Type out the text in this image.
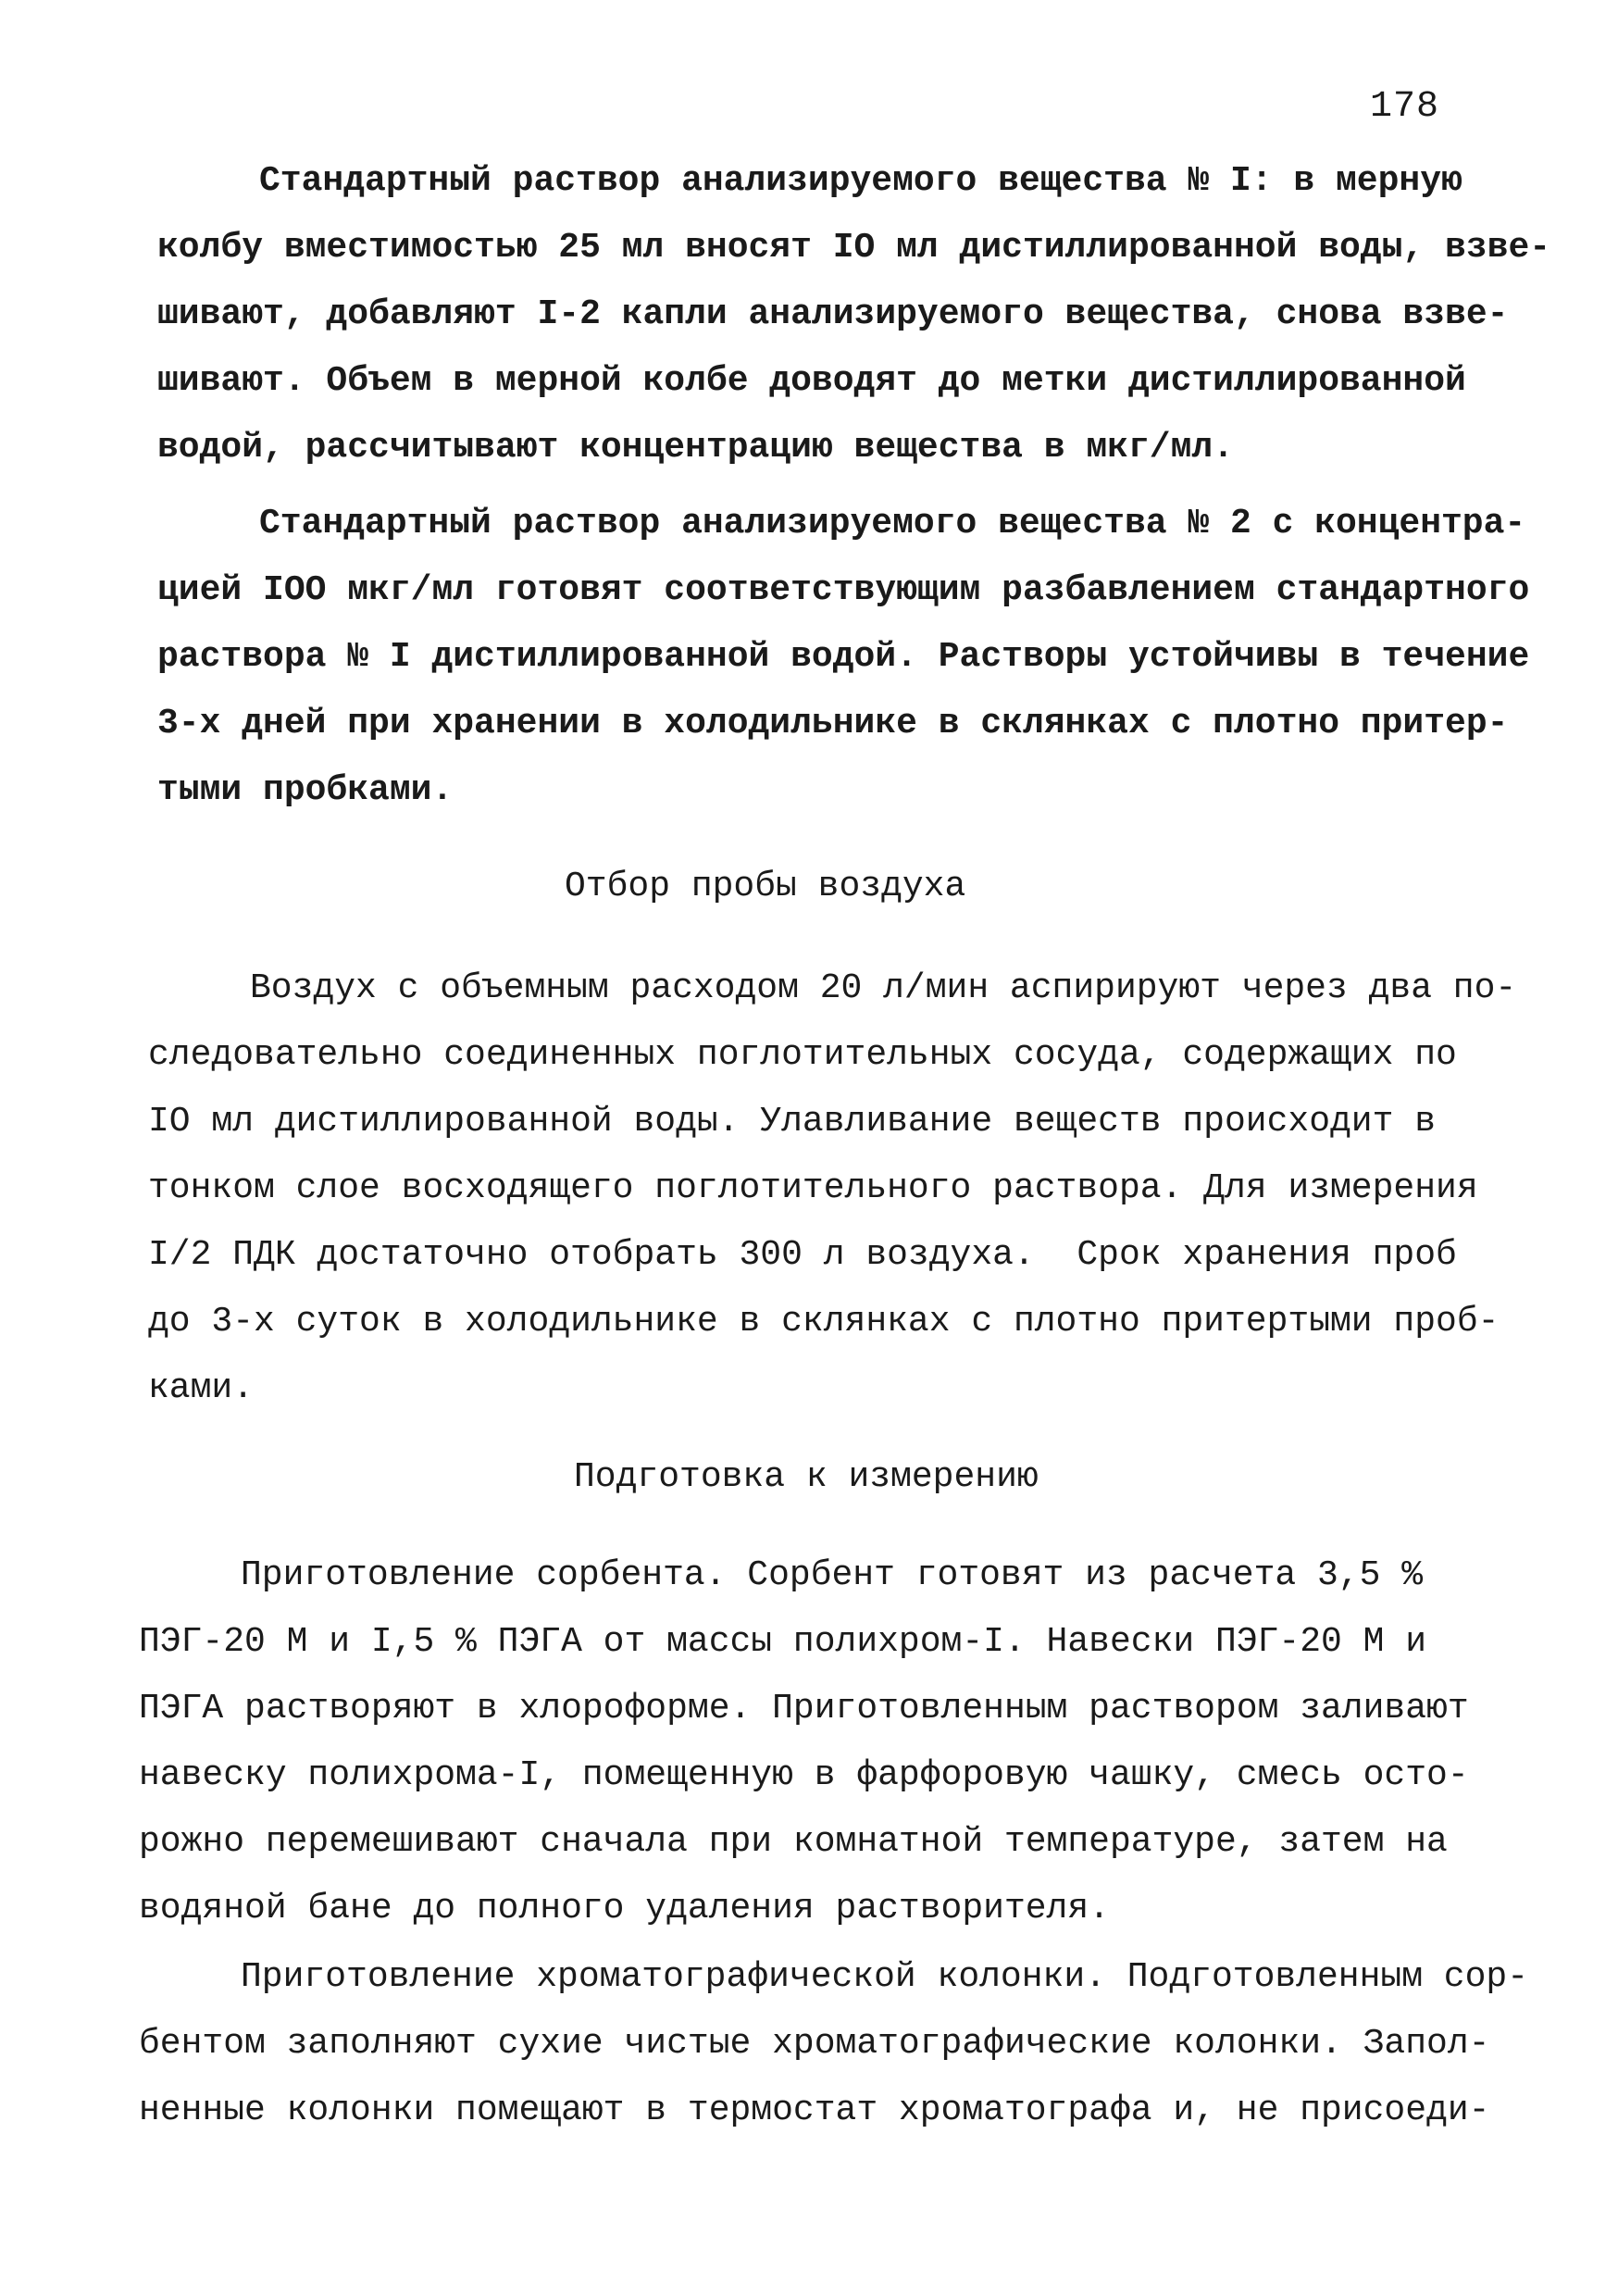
178
Стандартный раствор анализируемого вещества № I: в мерную
колбу вместимостью 25 мл вносят IO мл дистиллированной воды, взве-
шивают, добавляют I-2 капли анализируемого вещества, снова взве-
шивают. Объем в мерной колбе доводят до метки дистиллированной
водой, рассчитывают концентрацию вещества в мкг/мл.
Стандартный раствор анализируемого вещества № 2 с концентра-
цией IOO мкг/мл готовят соответствующим разбавлением стандартного
раствора № I дистиллированной водой. Растворы устойчивы в течение
3-х дней при хранении в холодильнике в склянках с плотно притер-
тыми пробками.
Отбор пробы воздуха
Воздух с объемным расходом 20 л/мин аспирируют через два по-
следовательно соединенных поглотительных сосуда, содержащих по
IO мл дистиллированной воды. Улавливание веществ происходит в
тонком слое восходящего поглотительного раствора. Для измерения
I/2 ПДК достаточно отобрать 300 л воздуха.  Срок хранения проб
до 3-х суток в холодильнике в склянках с плотно притертыми проб-
ками.
Подготовка к измерению
Приготовление сорбента. Сорбент готовят из расчета 3,5 %
ПЭГ-20 М и I,5 % ПЭГА от массы полихром-I. Навески ПЭГ-20 М и
ПЭГА растворяют в хлороформе. Приготовленным раствором заливают
навеску полихрома-I, помещенную в фарфоровую чашку, смесь осто-
рожно перемешивают сначала при комнатной температуре, затем на
водяной бане до полного удаления растворителя.
Приготовление хроматографической колонки. Подготовленным сор-
бентом заполняют сухие чистые хроматографические колонки. Запол-
ненные колонки помещают в термостат хроматографа и, не присоеди-
